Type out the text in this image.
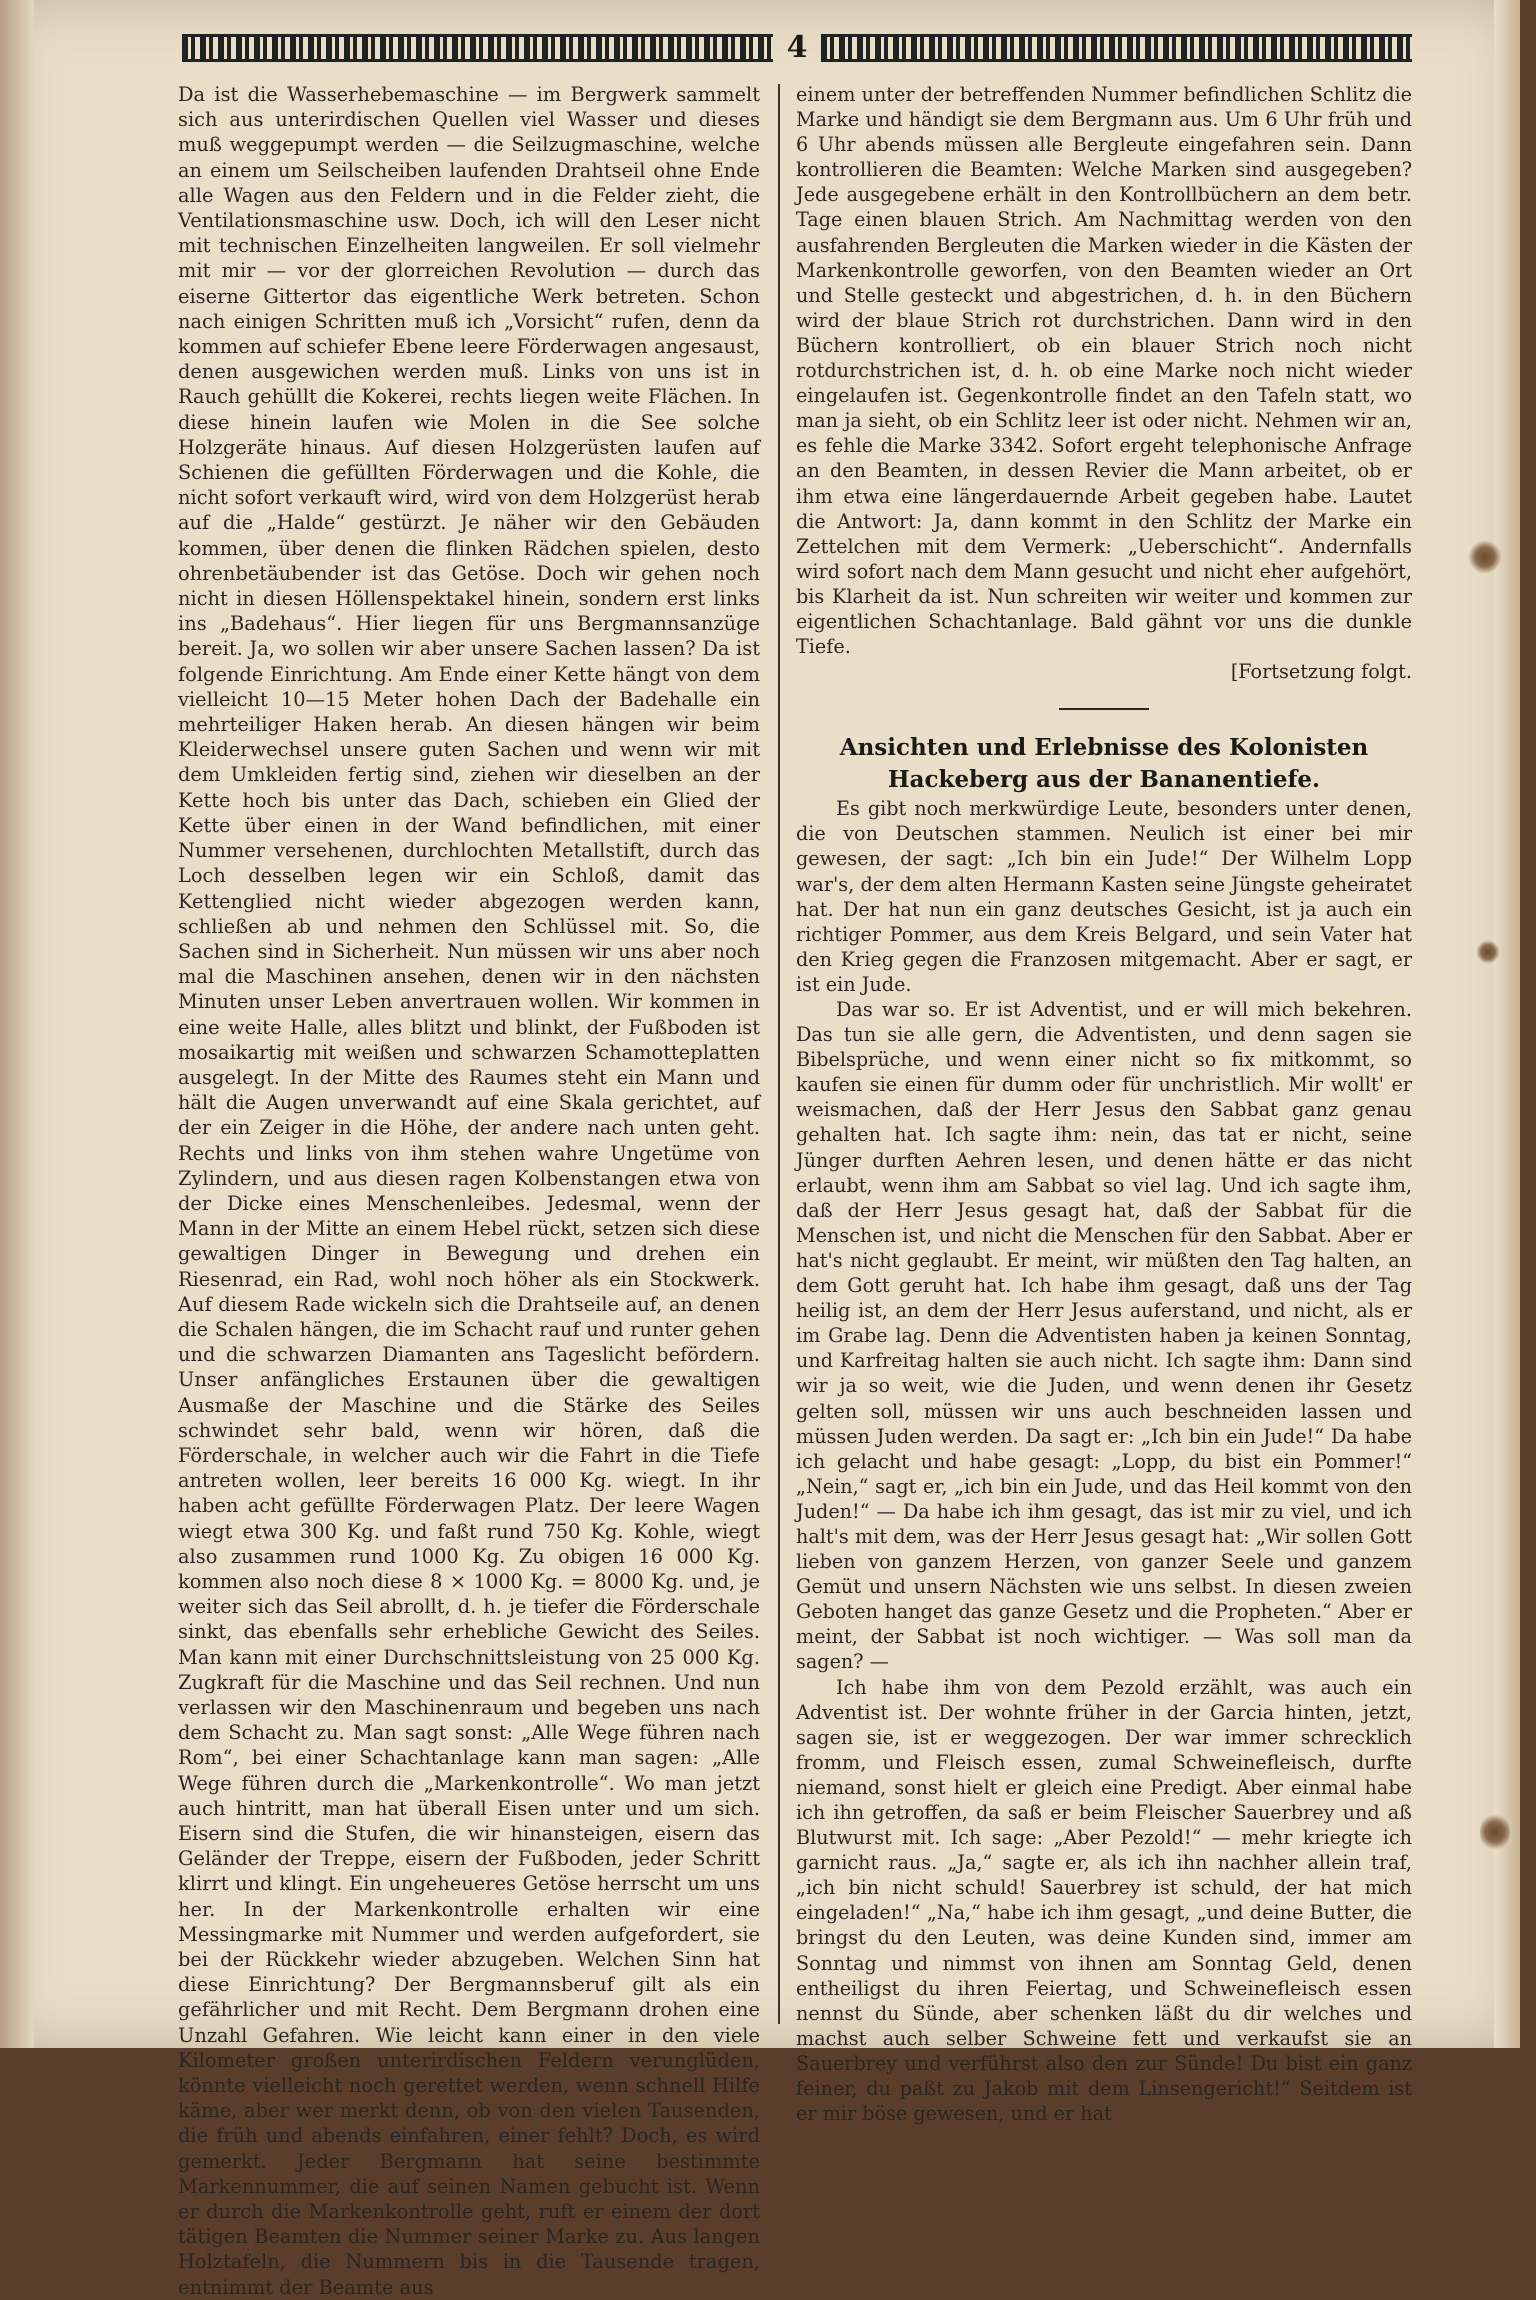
4

Da ist die Wasserhebemaschine — im Bergwerk sammelt sich aus unterirdischen Quellen viel Wasser und dieses muß weggepumpt werden — die Seilzugmaschine, welche an einem um Seilscheiben laufenden Drahtseil ohne Ende alle Wagen aus den Feldern und in die Felder zieht, die Ventilationsmaschine usw. Doch, ich will den Leser nicht mit technischen Einzelheiten langweilen. Er soll vielmehr mit mir — vor der glorreichen Revolution — durch das eiserne Gittertor das eigentliche Werk betreten. Schon nach einigen Schritten muß ich „Vorsicht“ rufen, denn da kommen auf schiefer Ebene leere Förderwagen angesaust, denen ausgewichen werden muß. Links von uns ist in Rauch gehüllt die Kokerei, rechts liegen weite Flächen. In diese hinein laufen wie Molen in die See solche Holzgeräte hinaus. Auf diesen Holzgerüsten laufen auf Schienen die gefüllten Förderwagen und die Kohle, die nicht sofort verkauft wird, wird von dem Holzgerüst herab auf die „Halde“ gestürzt. Je näher wir den Gebäuden kommen, über denen die flinken Rädchen spielen, desto ohrenbetäubender ist das Getöse. Doch wir gehen noch nicht in diesen Höllenspektakel hinein, sondern erst links ins „Badehaus“. Hier liegen für uns Bergmannsanzüge bereit. Ja, wo sollen wir aber unsere Sachen lassen? Da ist folgende Einrichtung. Am Ende einer Kette hängt von dem vielleicht 10—15 Meter hohen Dach der Badehalle ein mehrteiliger Haken herab. An diesen hängen wir beim Kleiderwechsel unsere guten Sachen und wenn wir mit dem Umkleiden fertig sind, ziehen wir dieselben an der Kette hoch bis unter das Dach, schieben ein Glied der Kette über einen in der Wand befindlichen, mit einer Nummer versehenen, durchlochten Metallstift, durch das Loch desselben legen wir ein Schloß, damit das Kettenglied nicht wieder abgezogen werden kann, schließen ab und nehmen den Schlüssel mit. So, die Sachen sind in Sicherheit. Nun müssen wir uns aber noch mal die Maschinen ansehen, denen wir in den nächsten Minuten unser Leben anvertrauen wollen. Wir kommen in eine weite Halle, alles blitzt und blinkt, der Fußboden ist mosaikartig mit weißen und schwarzen Schamotteplatten ausgelegt. In der Mitte des Raumes steht ein Mann und hält die Augen unverwandt auf eine Skala gerichtet, auf der ein Zeiger in die Höhe, der andere nach unten geht. Rechts und links von ihm stehen wahre Ungetüme von Zylindern, und aus diesen ragen Kolbenstangen etwa von der Dicke eines Menschenleibes. Jedesmal, wenn der Mann in der Mitte an einem Hebel rückt, setzen sich diese gewaltigen Dinger in Bewegung und drehen ein Riesenrad, ein Rad, wohl noch höher als ein Stockwerk. Auf diesem Rade wickeln sich die Drahtseile auf, an denen die Schalen hängen, die im Schacht rauf und runter gehen und die schwarzen Diamanten ans Tageslicht befördern. Unser anfängliches Erstaunen über die gewaltigen Ausmaße der Maschine und die Stärke des Seiles schwindet sehr bald, wenn wir hören, daß die Förderschale, in welcher auch wir die Fahrt in die Tiefe antreten wollen, leer bereits 16 000 Kg. wiegt. In ihr haben acht gefüllte Förderwagen Platz. Der leere Wagen wiegt etwa 300 Kg. und faßt rund 750 Kg. Kohle, wiegt also zusammen rund 1000 Kg. Zu obigen 16 000 Kg. kommen also noch diese 8 × 1000 Kg. = 8000 Kg. und, je weiter sich das Seil abrollt, d. h. je tiefer die Förderschale sinkt, das ebenfalls sehr erhebliche Gewicht des Seiles. Man kann mit einer Durchschnittsleistung von 25 000 Kg. Zugkraft für die Maschine und das Seil rechnen. Und nun verlassen wir den Maschinenraum und begeben uns nach dem Schacht zu. Man sagt sonst: „Alle Wege führen nach Rom“, bei einer Schachtanlage kann man sagen: „Alle Wege führen durch die „Markenkontrolle“. Wo man jetzt auch hintritt, man hat überall Eisen unter und um sich. Eisern sind die Stufen, die wir hinansteigen, eisern das Geländer der Treppe, eisern der Fußboden, jeder Schritt klirrt und klingt. Ein ungeheueres Getöse herrscht um uns her. In der Markenkontrolle erhalten wir eine Messingmarke mit Nummer und werden aufgefordert, sie bei der Rückkehr wieder abzugeben. Welchen Sinn hat diese Einrichtung? Der Bergmannsberuf gilt als ein gefährlicher und mit Recht. Dem Bergmann drohen eine Unzahl Gefahren. Wie leicht kann einer in den viele Kilometer großen unterirdischen Feldern verunglüden, könnte vielleicht noch gerettet werden, wenn schnell Hilfe käme, aber wer merkt denn, ob von den vielen Tausenden, die früh und abends einfahren, einer fehlt? Doch, es wird gemerkt. Jeder Bergmann hat seine bestimmte Markennummer, die auf seinen Namen gebucht ist. Wenn er durch die Markenkontrolle geht, ruft er einem der dort tätigen Beamten die Nummer seiner Marke zu. Aus langen Holztafeln, die Nummern bis in die Tausende tragen, entnimmt der Beamte aus

einem unter der betreffenden Nummer befindlichen Schlitz die Marke und händigt sie dem Bergmann aus. Um 6 Uhr früh und 6 Uhr abends müssen alle Bergleute eingefahren sein. Dann kontrollieren die Beamten: Welche Marken sind ausgegeben? Jede ausgegebene erhält in den Kontrollbüchern an dem betr. Tage einen blauen Strich. Am Nachmittag werden von den ausfahrenden Bergleuten die Marken wieder in die Kästen der Markenkontrolle geworfen, von den Beamten wieder an Ort und Stelle gesteckt und abgestrichen, d. h. in den Büchern wird der blaue Strich rot durchstrichen. Dann wird in den Büchern kontrolliert, ob ein blauer Strich noch nicht rotdurchstrichen ist, d. h. ob eine Marke noch nicht wieder eingelaufen ist. Gegenkontrolle findet an den Tafeln statt, wo man ja sieht, ob ein Schlitz leer ist oder nicht. Nehmen wir an, es fehle die Marke 3342. Sofort ergeht telephonische Anfrage an den Beamten, in dessen Revier die Mann arbeitet, ob er ihm etwa eine längerdauernde Arbeit gegeben habe. Lautet die Antwort: Ja, dann kommt in den Schlitz der Marke ein Zettelchen mit dem Vermerk: „Ueberschicht“. Andernfalls wird sofort nach dem Mann gesucht und nicht eher aufgehört, bis Klarheit da ist. Nun schreiten wir weiter und kommen zur eigentlichen Schachtanlage. Bald gähnt vor uns die dunkle Tiefe.

[Fortsetzung folgt.

Ansichten und Erlebnisse des Kolonisten Hackeberg aus der Bananentiefe.

Es gibt noch merkwürdige Leute, besonders unter denen, die von Deutschen stammen. Neulich ist einer bei mir gewesen, der sagt: „Ich bin ein Jude!“ Der Wilhelm Lopp war's, der dem alten Hermann Kasten seine Jüngste geheiratet hat. Der hat nun ein ganz deutsches Gesicht, ist ja auch ein richtiger Pommer, aus dem Kreis Belgard, und sein Vater hat den Krieg gegen die Franzosen mitgemacht. Aber er sagt, er ist ein Jude.

Das war so. Er ist Adventist, und er will mich bekehren. Das tun sie alle gern, die Adventisten, und denn sagen sie Bibelsprüche, und wenn einer nicht so fix mitkommt, so kaufen sie einen für dumm oder für unchristlich. Mir wollt' er weismachen, daß der Herr Jesus den Sabbat ganz genau gehalten hat. Ich sagte ihm: nein, das tat er nicht, seine Jünger durften Aehren lesen, und denen hätte er das nicht erlaubt, wenn ihm am Sabbat so viel lag. Und ich sagte ihm, daß der Herr Jesus gesagt hat, daß der Sabbat für die Menschen ist, und nicht die Menschen für den Sabbat. Aber er hat's nicht geglaubt. Er meint, wir müßten den Tag halten, an dem Gott geruht hat. Ich habe ihm gesagt, daß uns der Tag heilig ist, an dem der Herr Jesus auferstand, und nicht, als er im Grabe lag. Denn die Adventisten haben ja keinen Sonntag, und Karfreitag halten sie auch nicht. Ich sagte ihm: Dann sind wir ja so weit, wie die Juden, und wenn denen ihr Gesetz gelten soll, müssen wir uns auch beschneiden lassen und müssen Juden werden. Da sagt er: „Ich bin ein Jude!“ Da habe ich gelacht und habe gesagt: „Lopp, du bist ein Pommer!“ „Nein,“ sagt er, „ich bin ein Jude, und das Heil kommt von den Juden!“ — Da habe ich ihm gesagt, das ist mir zu viel, und ich halt's mit dem, was der Herr Jesus gesagt hat: „Wir sollen Gott lieben von ganzem Herzen, von ganzer Seele und ganzem Gemüt und unsern Nächsten wie uns selbst. In diesen zweien Geboten hanget das ganze Gesetz und die Propheten.“ Aber er meint, der Sabbat ist noch wichtiger. — Was soll man da sagen? —

Ich habe ihm von dem Pezold erzählt, was auch ein Adventist ist. Der wohnte früher in der Garcia hinten, jetzt, sagen sie, ist er weggezogen. Der war immer schrecklich fromm, und Fleisch essen, zumal Schweinefleisch, durfte niemand, sonst hielt er gleich eine Predigt. Aber einmal habe ich ihn getroffen, da saß er beim Fleischer Sauerbrey und aß Blutwurst mit. Ich sage: „Aber Pezold!“ — mehr kriegte ich garnicht raus. „Ja,“ sagte er, als ich ihn nachher allein traf, „ich bin nicht schuld! Sauerbrey ist schuld, der hat mich eingeladen!“ „Na,“ habe ich ihm gesagt, „und deine Butter, die bringst du den Leuten, was deine Kunden sind, immer am Sonntag und nimmst von ihnen am Sonntag Geld, denen entheiligst du ihren Feiertag, und Schweinefleisch essen nennst du Sünde, aber schenken läßt du dir welches und machst auch selber Schweine fett und verkaufst sie an Sauerbrey und verführst also den zur Sünde! Du bist ein ganz feiner, du paßt zu Jakob mit dem Linsengericht!“ Seitdem ist er mir böse gewesen, und er hat
